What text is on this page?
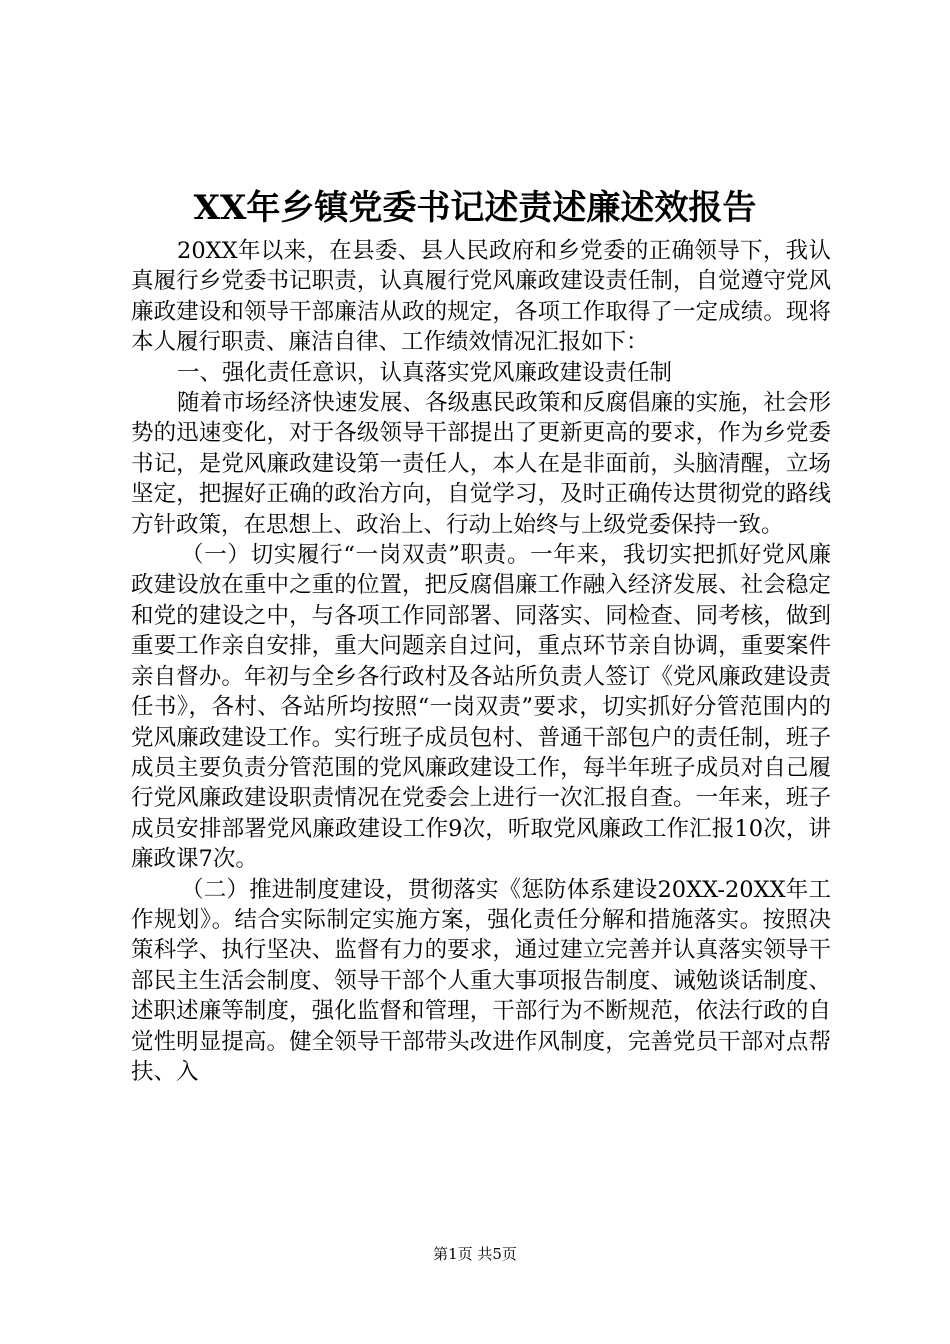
XX年乡镇党委书记述责述廉述效报告

20XX年以来，在县委、县人民政府和乡党委的正确领导下，我认真履行乡党委书记职责，认真履行党风廉政建设责任制，自觉遵守党风廉政建设和领导干部廉洁从政的规定，各项工作取得了一定成绩。现将本人履行职责、廉洁自律、工作绩效情况汇报如下：

一、强化责任意识，认真落实党风廉政建设责任制

随着市场经济快速发展、各级惠民政策和反腐倡廉的实施，社会形势的迅速变化，对于各级领导干部提出了更新更高的要求，作为乡党委书记，是党风廉政建设第一责任人，本人在是非面前，头脑清醒，立场坚定，把握好正确的政治方向，自觉学习，及时正确传达贯彻党的路线方针政策，在思想上、政治上、行动上始终与上级党委保持一致。

（一）切实履行“一岗双责”职责。一年来，我切实把抓好党风廉政建设放在重中之重的位置，把反腐倡廉工作融入经济发展、社会稳定和党的建设之中，与各项工作同部署、同落实、同检查、同考核，做到重要工作亲自安排，重大问题亲自过问，重点环节亲自协调，重要案件亲自督办。年初与全乡各行政村及各站所负责人签订《党风廉政建设责任书》，各村、各站所均按照“一岗双责”要求，切实抓好分管范围内的党风廉政建设工作。实行班子成员包村、普通干部包户的责任制，班子成员主要负责分管范围的党风廉政建设工作，每半年班子成员对自己履行党风廉政建设职责情况在党委会上进行一次汇报自查。一年来，班子成员安排部署党风廉政建设工作9次，听取党风廉政工作汇报10次，讲廉政课7次。

（二）推进制度建设，贯彻落实《惩防体系建设20XX-20XX年工作规划》。结合实际制定实施方案，强化责任分解和措施落实。按照决策科学、执行坚决、监督有力的要求，通过建立完善并认真落实领导干部民主生活会制度、领导干部个人重大事项报告制度、诫勉谈话制度、述职述廉等制度，强化监督和管理，干部行为不断规范，依法行政的自觉性明显提高。健全领导干部带头改进作风制度，完善党员干部对点帮扶、入

第1页 共5页
